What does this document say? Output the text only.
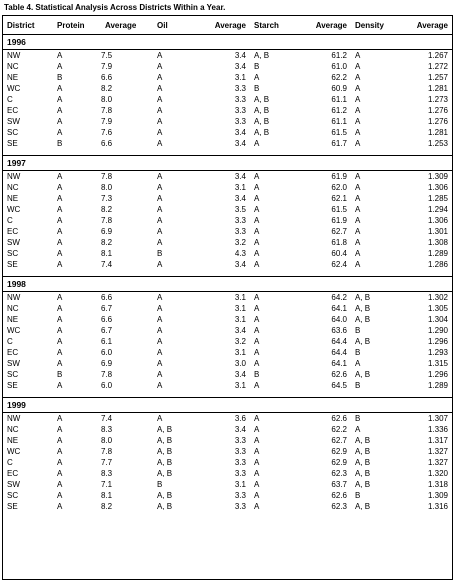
Table 4. Statistical Analysis Across Districts Within a Year.
District	Protein	Average	Oil	Average	Starch	Average	Density	Average
1996								
NW	A	7.5	A	3.4	A, B	61.2	A	1.267
NC	A	7.9	A	3.4	B	61.0	A	1.272
NE	B	6.6	A	3.1	A	62.2	A	1.257
WC	A	8.2	A	3.3	B	60.9	A	1.281
C	A	8.0	A	3.3	A, B	61.1	A	1.273
EC	A	7.8	A	3.3	A, B	61.2	A	1.276
SW	A	7.9	A	3.3	A, B	61.1	A	1.276
SC	A	7.6	A	3.4	A, B	61.5	A	1.281
SE	B	6.6	A	3.4	A	61.7	A	1.253

1997								
NW	A	7.8	A	3.4	A	61.9	A	1.309
NC	A	8.0	A	3.1	A	62.0	A	1.306
NE	A	7.3	A	3.4	A	62.1	A	1.285
WC	A	8.2	A	3.5	A	61.5	A	1.294
C	A	7.8	A	3.3	A	61.9	A	1.306
EC	A	6.9	A	3.3	A	62.7	A	1.301
SW	A	8.2	A	3.2	A	61.8	A	1.308
SC	A	8.1	B	4.3	A	60.4	A	1.289
SE	A	7.4	A	3.4	A	62.4	A	1.286

1998								
NW	A	6.6	A	3.1	A	64.2	A, B	1.302
NC	A	6.7	A	3.1	A	64.1	A, B	1.305
NE	A	6.6	A	3.1	A	64.0	A, B	1.304
WC	A	6.7	A	3.4	A	63.6	B	1.290
C	A	6.1	A	3.2	A	64.4	A, B	1.296
EC	A	6.0	A	3.1	A	64.4	B	1.293
SW	A	6.9	A	3.0	A	64.1	A	1.315
SC	B	7.8	A	3.4	B	62.6	A, B	1.296
SE	A	6.0	A	3.1	A	64.5	B	1.289

1999								
NW	A	7.4	A	3.6	A	62.6	B	1.307
NC	A	8.3	A, B	3.4	A	62.2	A	1.336
NE	A	8.0	A, B	3.3	A	62.7	A, B	1.317
WC	A	7.8	A, B	3.3	A	62.9	A, B	1.327
C	A	7.7	A, B	3.3	A	62.9	A, B	1.327
EC	A	8.3	A, B	3.3	A	62.3	A, B	1.320
SW	A	7.1	B	3.1	A	63.7	A, B	1.318
SC	A	8.1	A, B	3.3	A	62.6	B	1.309
SE	A	8.2	A, B	3.3	A	62.3	A, B	1.316
